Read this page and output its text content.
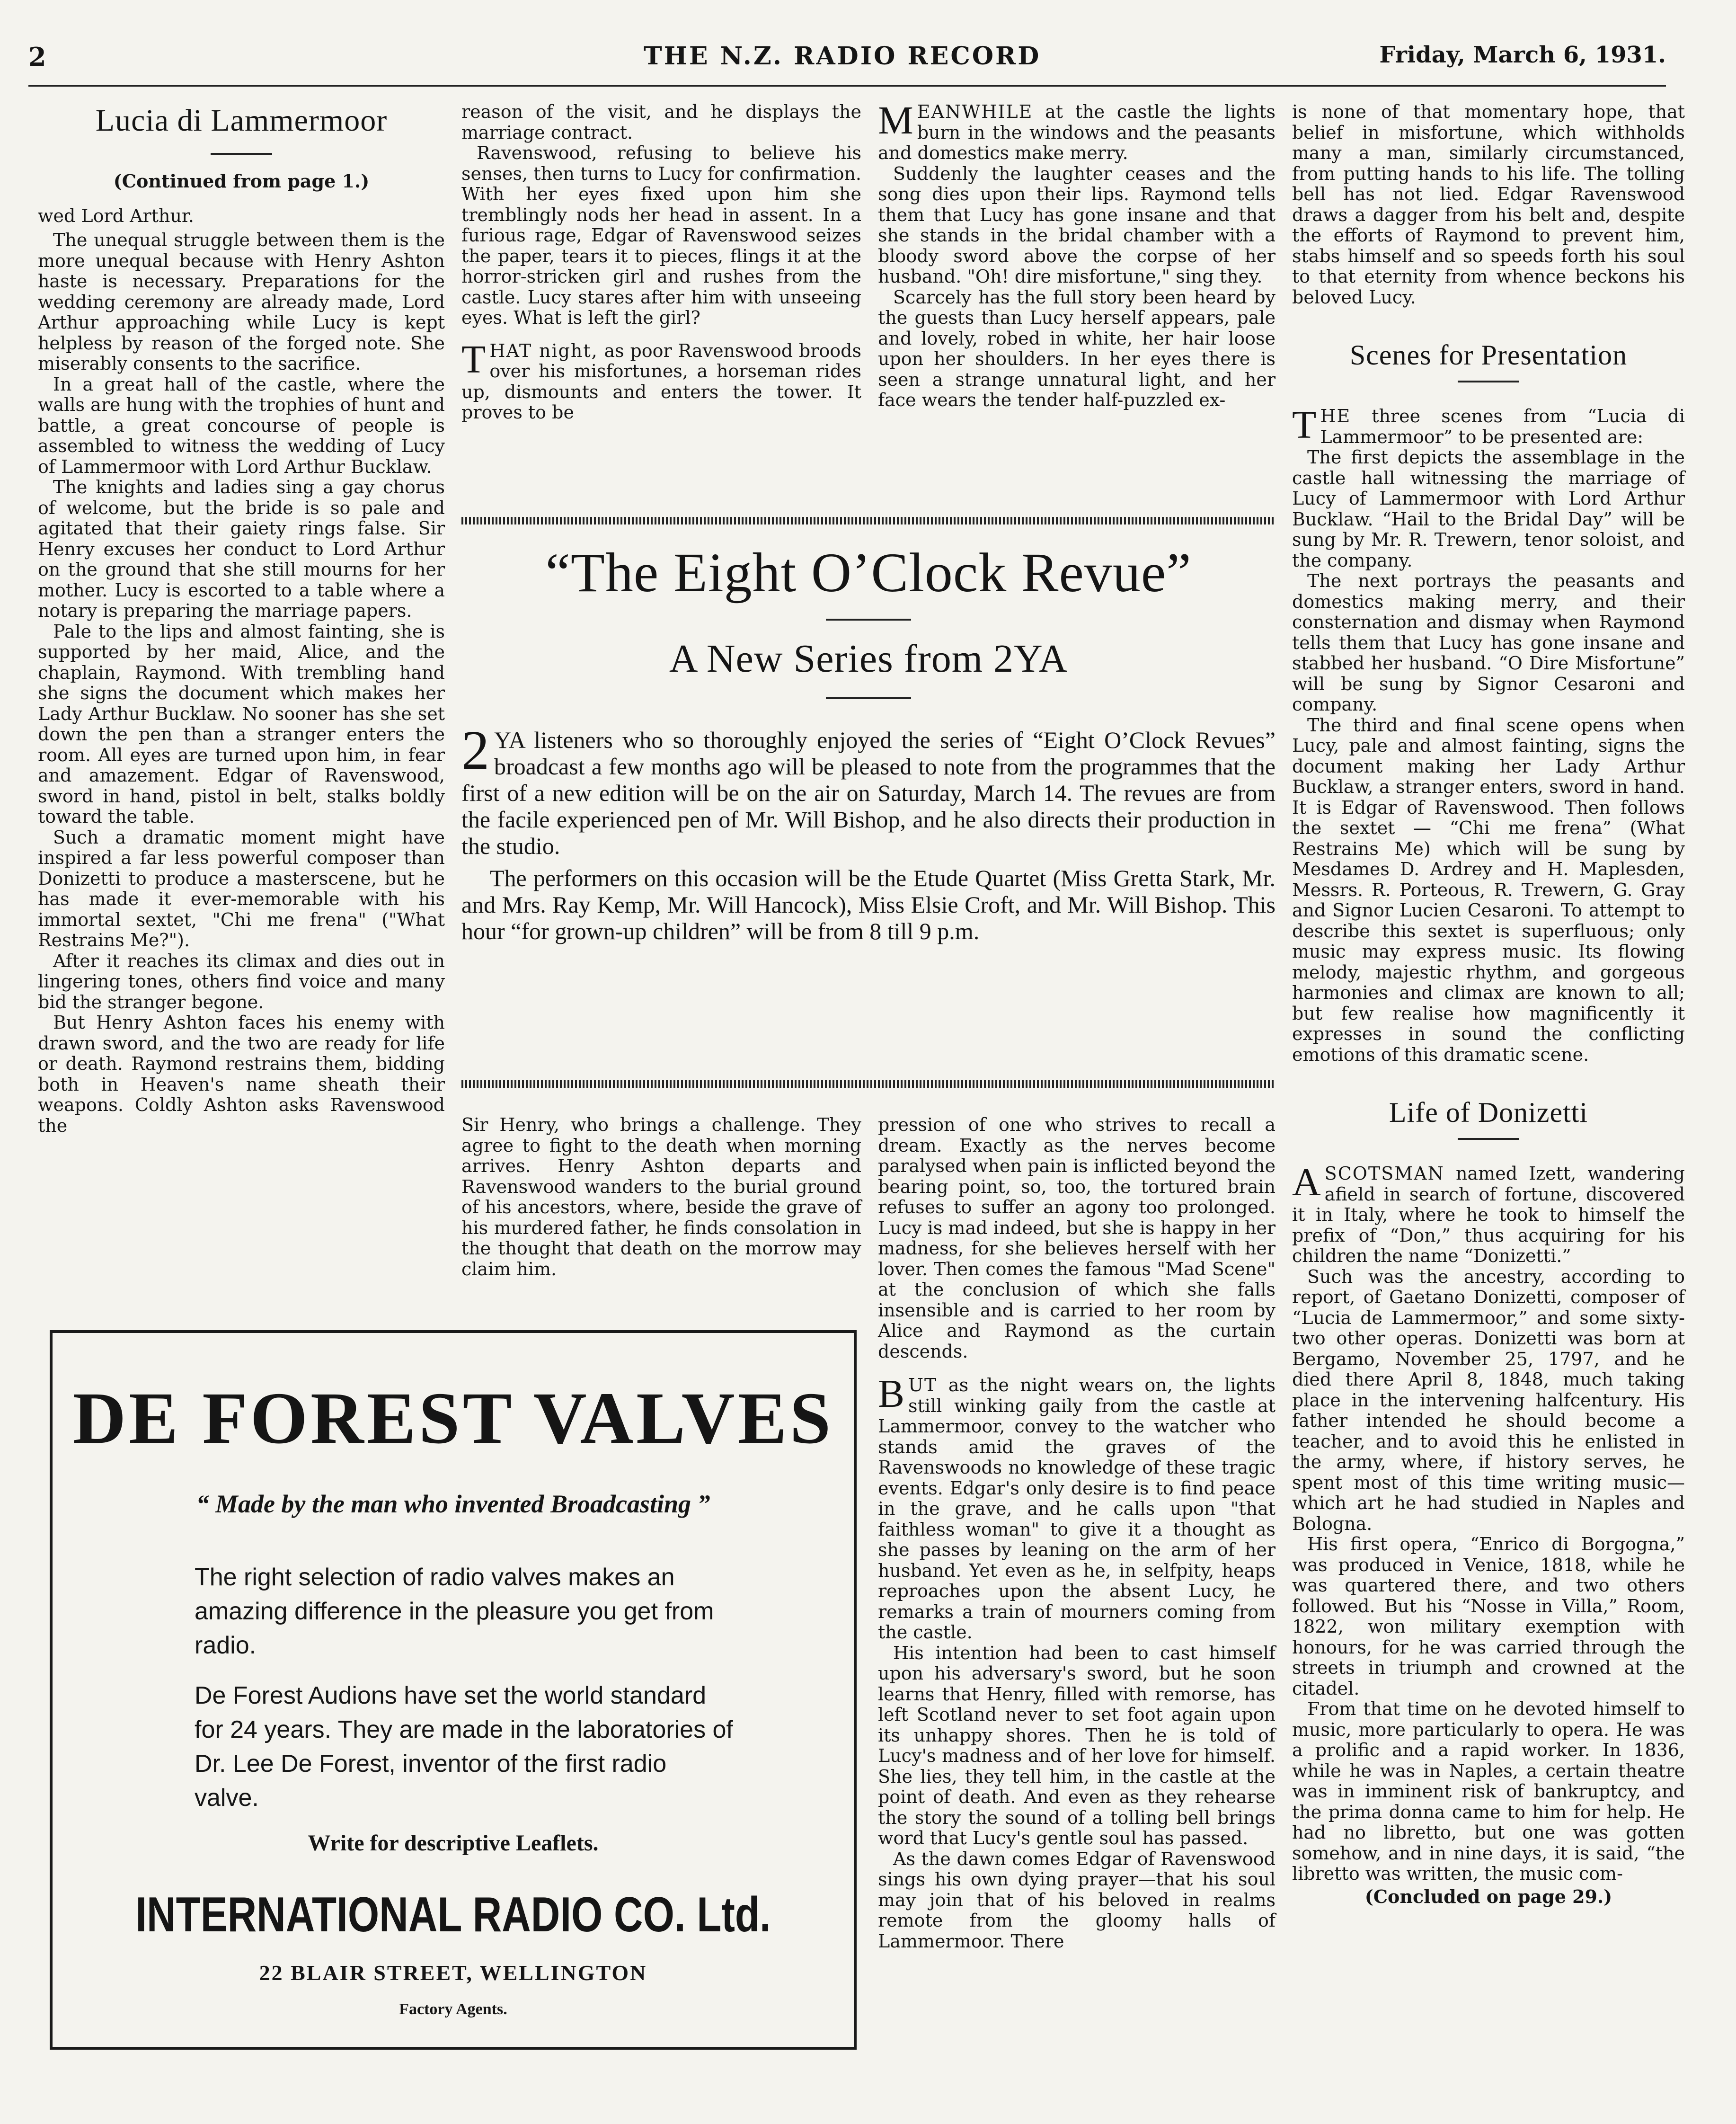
2	THE N.Z. RADIO RECORD	Friday, March 6, 1931.
Lucia di Lammermoor

(Continued from page 1.)

wed Lord Arthur.

The unequal struggle between them is the more unequal because with Henry Ashton haste is necessary. Preparations for the wedding ceremony are already made, Lord Arthur approaching while Lucy is kept helpless by reason of the forged note. She miserably consents to the sacrifice.

In a great hall of the castle, where the walls are hung with the trophies of hunt and battle, a great concourse of people is assembled to witness the wedding of Lucy of Lammermoor with Lord Arthur Bucklaw.

The knights and ladies sing a gay chorus of welcome, but the bride is so pale and agitated that their gaiety rings false. Sir Henry excuses her conduct to Lord Arthur on the ground that she still mourns for her mother. Lucy is escorted to a table where a notary is preparing the marriage papers.

Pale to the lips and almost fainting, she is supported by her maid, Alice, and the chaplain, Raymond. With trembling hand she signs the document which makes her Lady Arthur Bucklaw. No sooner has she set down the pen than a stranger enters the room. All eyes are turned upon him, in fear and amazement. Edgar of Ravenswood, sword in hand, pistol in belt, stalks boldly toward the table.

Such a dramatic moment might have inspired a far less powerful composer than Donizetti to produce a masterscene, but he has made it ever-memorable with his immortal sextet, "Chi me frena" ("What Restrains Me?").

After it reaches its climax and dies out in lingering tones, others find voice and many bid the stranger begone.

But Henry Ashton faces his enemy with drawn sword, and the two are ready for life or death. Raymond restrains them, bidding both in Heaven's name sheath their weapons. Coldly Ashton asks Ravenswood the

reason of the visit, and he displays the marriage contract.

Ravenswood, refusing to believe his senses, then turns to Lucy for confirmation. With her eyes fixed upon him she tremblingly nods her head in assent. In a furious rage, Edgar of Ravenswood seizes the paper, tears it to pieces, flings it at the horror-stricken girl and rushes from the castle. Lucy stares after him with unseeing eyes. What is left the girl?

THAT night, as poor Ravenswood broods over his misfortunes, a horseman rides up, dismounts and enters the tower. It proves to be

MEANWHILE at the castle the lights burn in the windows and the peasants and domestics make merry.

Suddenly the laughter ceases and the song dies upon their lips. Raymond tells them that Lucy has gone insane and that she stands in the bridal chamber with a bloody sword above the corpse of her husband. "Oh! dire misfortune," sing they.

Scarcely has the full story been heard by the guests than Lucy herself appears, pale and lovely, robed in white, her hair loose upon her shoulders. In her eyes there is seen a strange unnatural light, and her face wears the tender half-puzzled ex-

“The Eight O’Clock Revue”
A New Series from 2YA

2 YA listeners who so thoroughly enjoyed the series of “Eight O’Clock Revues” broadcast a few months ago will be pleased to note from the programmes that the first of a new edition will be on the air on Saturday, March 14. The revues are from the facile experienced pen of Mr. Will Bishop, and he also directs their production in the studio.

The performers on this occasion will be the Etude Quartet (Miss Gretta Stark, Mr. and Mrs. Ray Kemp, Mr. Will Hancock), Miss Elsie Croft, and Mr. Will Bishop. This hour “for grown-up children” will be from 8 till 9 p.m.

Sir Henry, who brings a challenge. They agree to fight to the death when morning arrives. Henry Ashton departs and Ravenswood wanders to the burial ground of his ancestors, where, beside the grave of his murdered father, he finds consolation in the thought that death on the morrow may claim him.

pression of one who strives to recall a dream. Exactly as the nerves become paralysed when pain is inflicted beyond the bearing point, so, too, the tortured brain refuses to suffer an agony too prolonged. Lucy is mad indeed, but she is happy in her madness, for she believes herself with her lover. Then comes the famous "Mad Scene" at the conclusion of which she falls insensible and is carried to her room by Alice and Raymond as the curtain descends.

BUT as the night wears on, the lights still winking gaily from the castle at Lammermoor, convey to the watcher who stands amid the graves of the Ravenswoods no knowledge of these tragic events. Edgar's only desire is to find peace in the grave, and he calls upon "that faithless woman" to give it a thought as she passes by leaning on the arm of her husband. Yet even as he, in selfpity, heaps reproaches upon the absent Lucy, he remarks a train of mourners coming from the castle.

His intention had been to cast himself upon his adversary's sword, but he soon learns that Henry, filled with remorse, has left Scotland never to set foot again upon its unhappy shores. Then he is told of Lucy's madness and of her love for himself. She lies, they tell him, in the castle at the point of death. And even as they rehearse the story the sound of a tolling bell brings word that Lucy's gentle soul has passed.

As the dawn comes Edgar of Ravenswood sings his own dying prayer—that his soul may join that of his beloved in realms remote from the gloomy halls of Lammermoor. There

is none of that momentary hope, that belief in misfortune, which withholds many a man, similarly circumstanced, from putting hands to his life. The tolling bell has not lied. Edgar Ravenswood draws a dagger from his belt and, despite the efforts of Raymond to prevent him, stabs himself and so speeds forth his soul to that eternity from whence beckons his beloved Lucy.

Scenes for Presentation

THE three scenes from “Lucia di Lammermoor” to be presented are:

The first depicts the assemblage in the castle hall witnessing the marriage of Lucy of Lammermoor with Lord Arthur Bucklaw. “Hail to the Bridal Day” will be sung by Mr. R. Trewern, tenor soloist, and the company.

The next portrays the peasants and domestics making merry, and their consternation and dismay when Raymond tells them that Lucy has gone insane and stabbed her husband. “O Dire Misfortune” will be sung by Signor Cesaroni and company.

The third and final scene opens when Lucy, pale and almost fainting, signs the document making her Lady Arthur Bucklaw, a stranger enters, sword in hand. It is Edgar of Ravenswood. Then follows the sextet — “Chi me frena” (What Restrains Me) which will be sung by Mesdames D. Ardrey and H. Maplesden, Messrs. R. Porteous, R. Trewern, G. Gray and Signor Lucien Cesaroni. To attempt to describe this sextet is superfluous; only music may express music. Its flowing melody, majestic rhythm, and gorgeous harmonies and climax are known to all; but few realise how magnificently it expresses in sound the conflicting emotions of this dramatic scene.

Life of Donizetti

ASCOTSMAN named Izett, wandering afield in search of fortune, discovered it in Italy, where he took to himself the prefix of “Don,” thus acquiring for his children the name “Donizetti.”

Such was the ancestry, according to report, of Gaetano Donizetti, composer of “Lucia de Lammermoor,” and some sixty-two other operas. Donizetti was born at Bergamo, November 25, 1797, and he died there April 8, 1848, much taking place in the intervening halfcentury. His father intended he should become a teacher, and to avoid this he enlisted in the army, where, if history serves, he spent most of this time writing music—which art he had studied in Naples and Bologna.

His first opera, “Enrico di Borgogna,” was produced in Venice, 1818, while he was quartered there, and two others followed. But his “Nosse in Villa,” Room, 1822, won military exemption with honours, for he was carried through the streets in triumph and crowned at the citadel.

From that time on he devoted himself to music, more particularly to opera. He was a prolific and a rapid worker. In 1836, while he was in Naples, a certain theatre was in imminent risk of bankruptcy, and the prima donna came to him for help. He had no libretto, but one was gotten somehow, and in nine days, it is said, “the libretto was written, the music com-

(Concluded on page 29.)

DE FOREST VALVES
“ Made by the man who invented Broadcasting ”
The right selection of radio valves makes an amazing difference in the pleasure you get from radio.
De Forest Audions have set the world standard for 24 years. They are made in the laboratories of Dr. Lee De Forest, inventor of the first radio valve.
Write for descriptive Leaflets.
INTERNATIONAL RADIO CO. Ltd.
22 BLAIR STREET, WELLINGTON
Factory Agents.
